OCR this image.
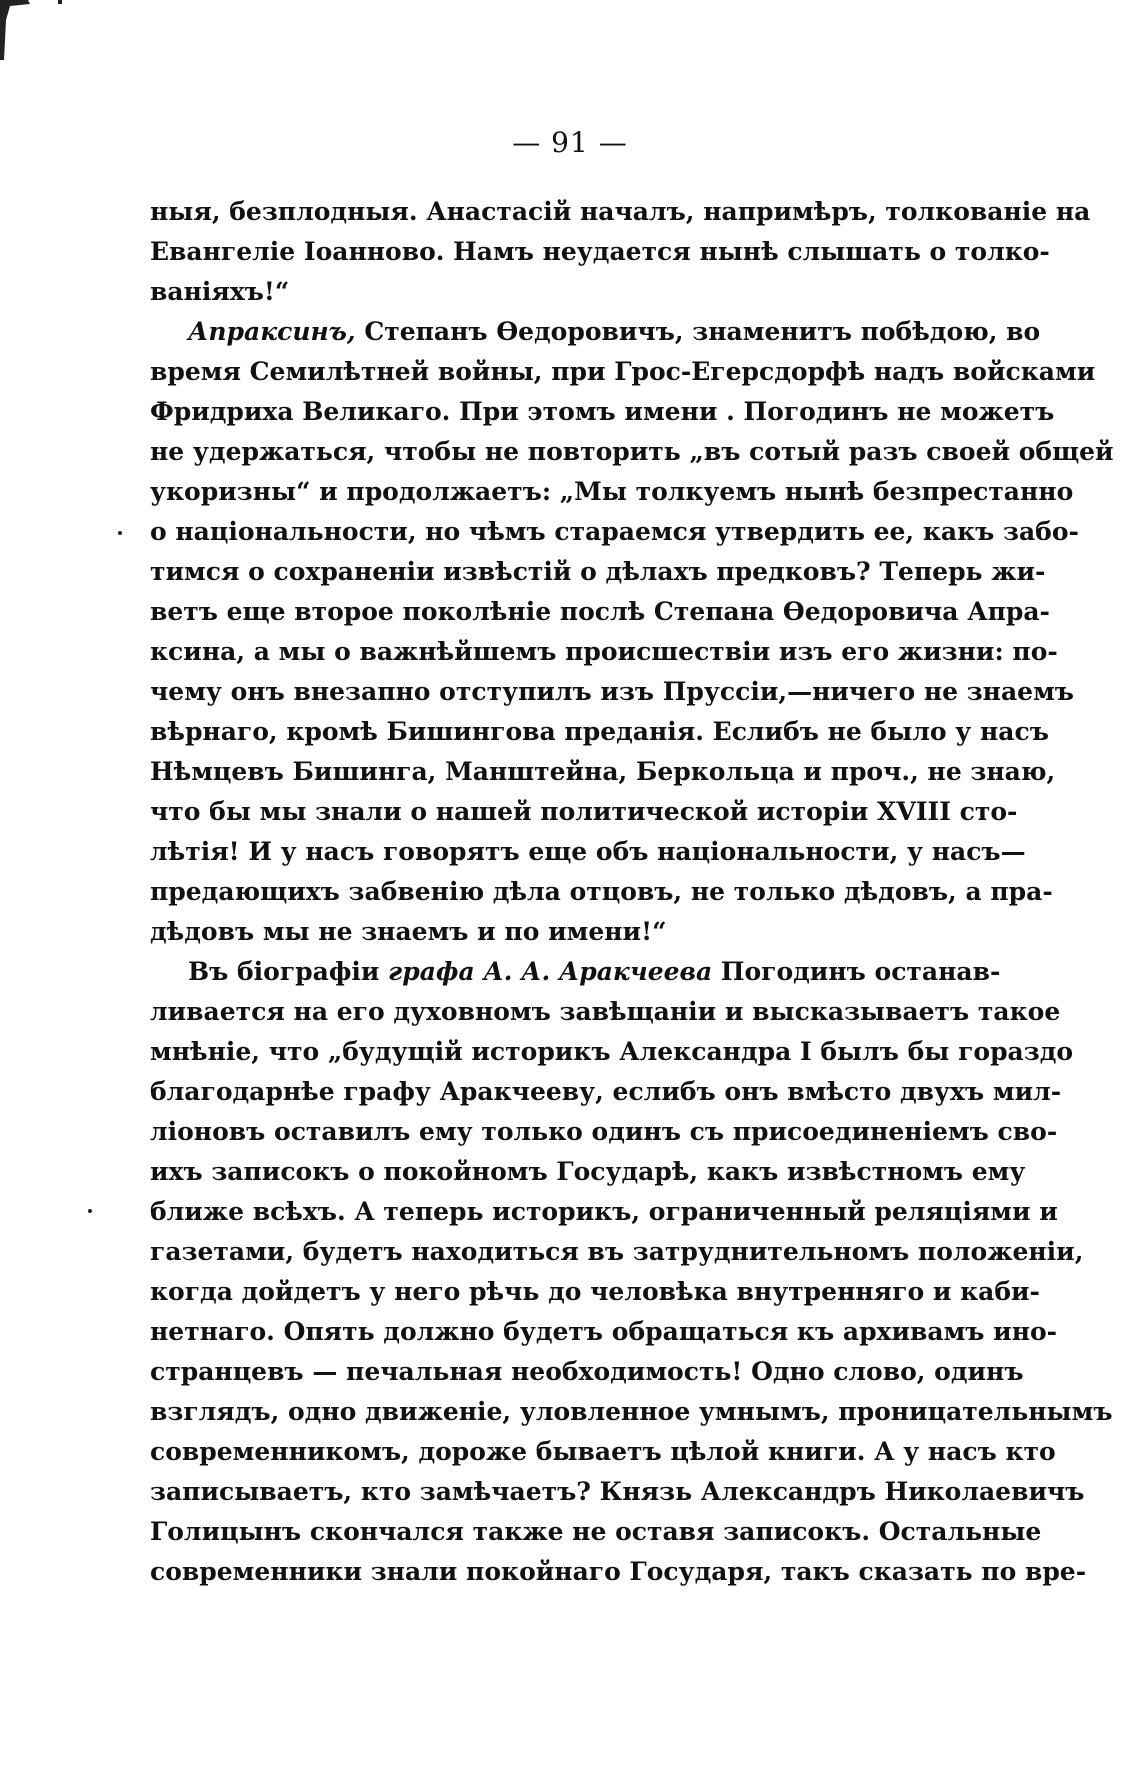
— 91 —
ныя, безплодныя. Анастасій началъ, напримѣръ, толкованіе на
Евангеліе Іоанново. Намъ неудается нынѣ слышать о толко-
ваніяхъ!“
Апраксинъ, Степанъ Өедоровичъ, знаменитъ побѣдою, во
время Семилѣтней войны, при Грос-Егерсдорфѣ надъ войсками
Фридриха Великаго. При этомъ имени . Погодинъ не можетъ
не удержаться, чтобы не повторить „въ сотый разъ своей общей
укоризны“ и продолжаетъ: „Мы толкуемъ нынѣ безпрестанно
о національности, но чѣмъ стараемся утвердить ее, какъ забо-
тимся о сохраненіи извѣстій о дѣлахъ предковъ? Теперь жи-
ветъ еще второе поколѣніе послѣ Степана Өедоровича Апра-
ксина, а мы о важнѣйшемъ происшествіи изъ его жизни: по-
чему онъ внезапно отступилъ изъ Пруссіи,—ничего не знаемъ
вѣрнаго, кромѣ Бишингова преданія. Еслибъ не было у насъ
Нѣмцевъ Бишинга, Манштейна, Беркольца и проч., не знаю,
что бы мы знали о нашей политической исторіи XVIII сто-
лѣтія! И у насъ говорятъ еще объ національности, у насъ—
предающихъ забвенію дѣла отцовъ, не только дѣдовъ, а пра-
дѣдовъ мы не знаемъ и по имени!“
Въ біографіи графа А. А. Аракчеева Погодинъ останав-
ливается на его духовномъ завѣщаніи и высказываетъ такое
мнѣніе, что „будущій историкъ Александра I былъ бы гораздо
благодарнѣе графу Аракчееву, еслибъ онъ вмѣсто двухъ мил-
ліоновъ оставилъ ему только одинъ съ присоединеніемъ сво-
ихъ записокъ о покойномъ Государѣ, какъ извѣстномъ ему
ближе всѣхъ. А теперь историкъ, ограниченный реляціями и
газетами, будетъ находиться въ затруднительномъ положеніи,
когда дойдетъ у него рѣчь до человѣка внутренняго и каби-
нетнаго. Опять должно будетъ обращаться къ архивамъ ино-
странцевъ — печальная необходимость! Одно слово, одинъ
взглядъ, одно движеніе, уловленное умнымъ, проницательнымъ
современникомъ, дороже бываетъ цѣлой книги. А у насъ кто
записываетъ, кто замѣчаетъ? Князь Александръ Николаевичъ
Голицынъ скончался также не оставя записокъ. Остальные
современники знали покойнаго Государя, такъ сказать по вре-
